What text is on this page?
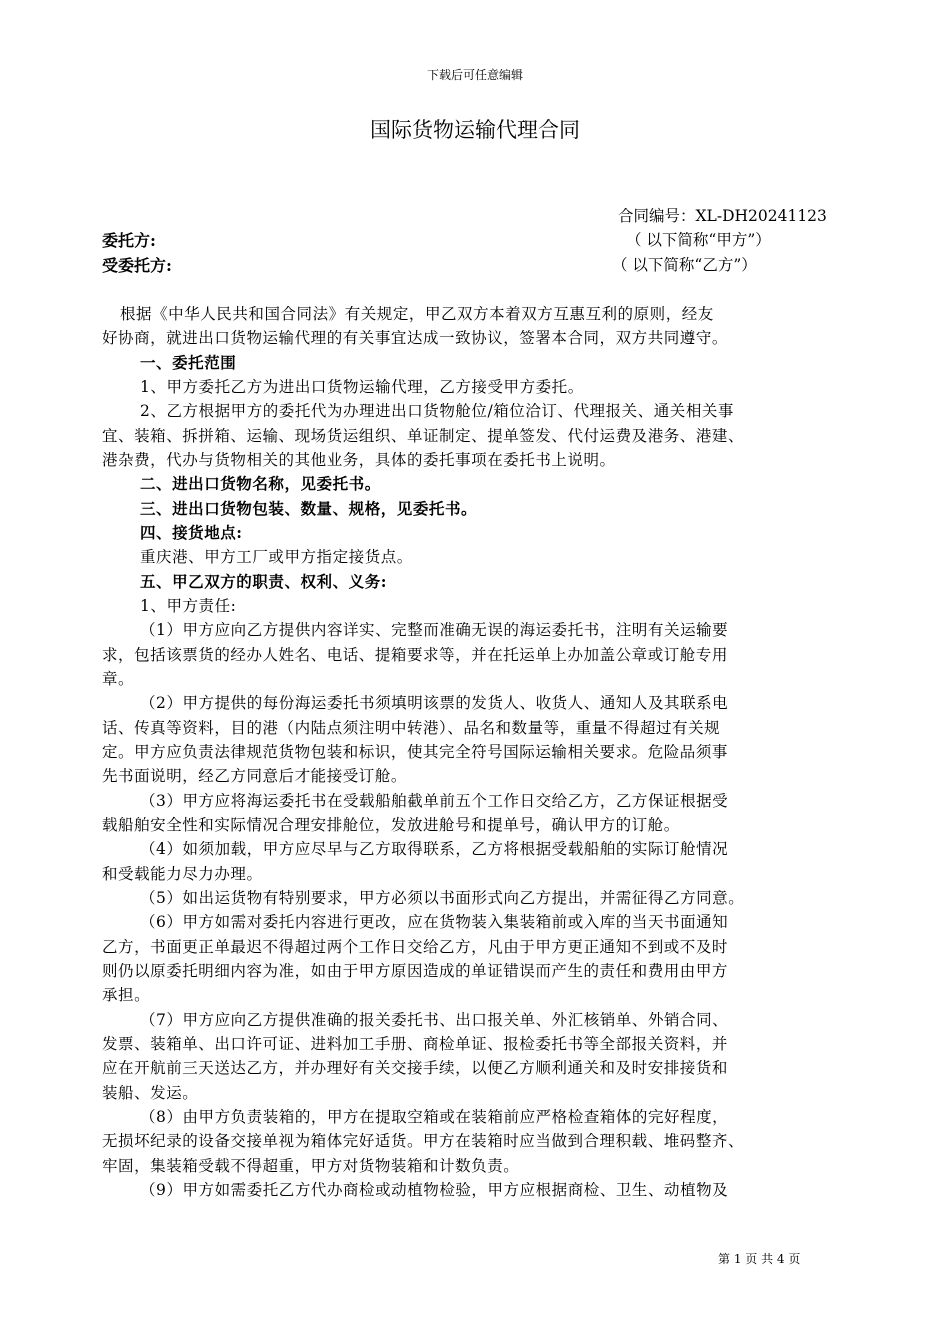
下载后可任意编辑
国际货物运输代理合同
合同编号：XL-DH20241123
委托方:	（ 以下简称“甲方”）
受委托方:	（ 以下简称“乙方”）
根据《中华人民共和国合同法》有关规定，甲乙双方本着双方互惠互利的原则，经友
好协商，就进出口货物运输代理的有关事宜达成一致协议，签署本合同，双方共同遵守。
一、委托范围
1、甲方委托乙方为进出口货物运输代理，乙方接受甲方委托。
2、乙方根据甲方的委托代为办理进出口货物舱位/箱位洽订、代理报关、通关相关事
宜、装箱、拆拼箱、运输、现场货运组织、单证制定、提单签发、代付运费及港务、港建、
港杂费，代办与货物相关的其他业务，具体的委托事项在委托书上说明。
二、进出口货物名称，见委托书。
三、进出口货物包装、数量、规格，见委托书。
四、接货地点:
重庆港、甲方工厂或甲方指定接货点。
五、甲乙双方的职责、权利、义务:
1、甲方责任:
（1）甲方应向乙方提供内容详实、完整而准确无误的海运委托书，注明有关运输要
求，包括该票货的经办人姓名、电话、提箱要求等，并在托运单上办加盖公章或订舱专用
章。
（2）甲方提供的每份海运委托书须填明该票的发货人、收货人、通知人及其联系电
话、传真等资料，目的港（内陆点须注明中转港）、品名和数量等，重量不得超过有关规
定。甲方应负责法律规范货物包装和标识，使其完全符号国际运输相关要求。危险品须事
先书面说明，经乙方同意后才能接受订舱。
（3）甲方应将海运委托书在受载船舶截单前五个工作日交给乙方，乙方保证根据受
载船舶安全性和实际情况合理安排舱位，发放进舱号和提单号，确认甲方的订舱。
（4）如须加载，甲方应尽早与乙方取得联系，乙方将根据受载船舶的实际订舱情况
和受载能力尽力办理。
（5）如出运货物有特别要求，甲方必须以书面形式向乙方提出，并需征得乙方同意。
（6）甲方如需对委托内容进行更改，应在货物装入集装箱前或入库的当天书面通知
乙方，书面更正单最迟不得超过两个工作日交给乙方，凡由于甲方更正通知不到或不及时
则仍以原委托明细内容为准，如由于甲方原因造成的单证错误而产生的责任和费用由甲方
承担。
（7）甲方应向乙方提供准确的报关委托书、出口报关单、外汇核销单、外销合同、
发票、装箱单、出口许可证、进料加工手册、商检单证、报检委托书等全部报关资料，并
应在开航前三天送达乙方，并办理好有关交接手续，以便乙方顺利通关和及时安排接货和
装船、发运。
（8）由甲方负责装箱的，甲方在提取空箱或在装箱前应严格检查箱体的完好程度，
无损坏纪录的设备交接单视为箱体完好适货。甲方在装箱时应当做到合理积载、堆码整齐、
牢固，集装箱受载不得超重，甲方对货物装箱和计数负责。
（9）甲方如需委托乙方代办商检或动植物检验，甲方应根据商检、卫生、动植物及
第 1 页 共 4 页
